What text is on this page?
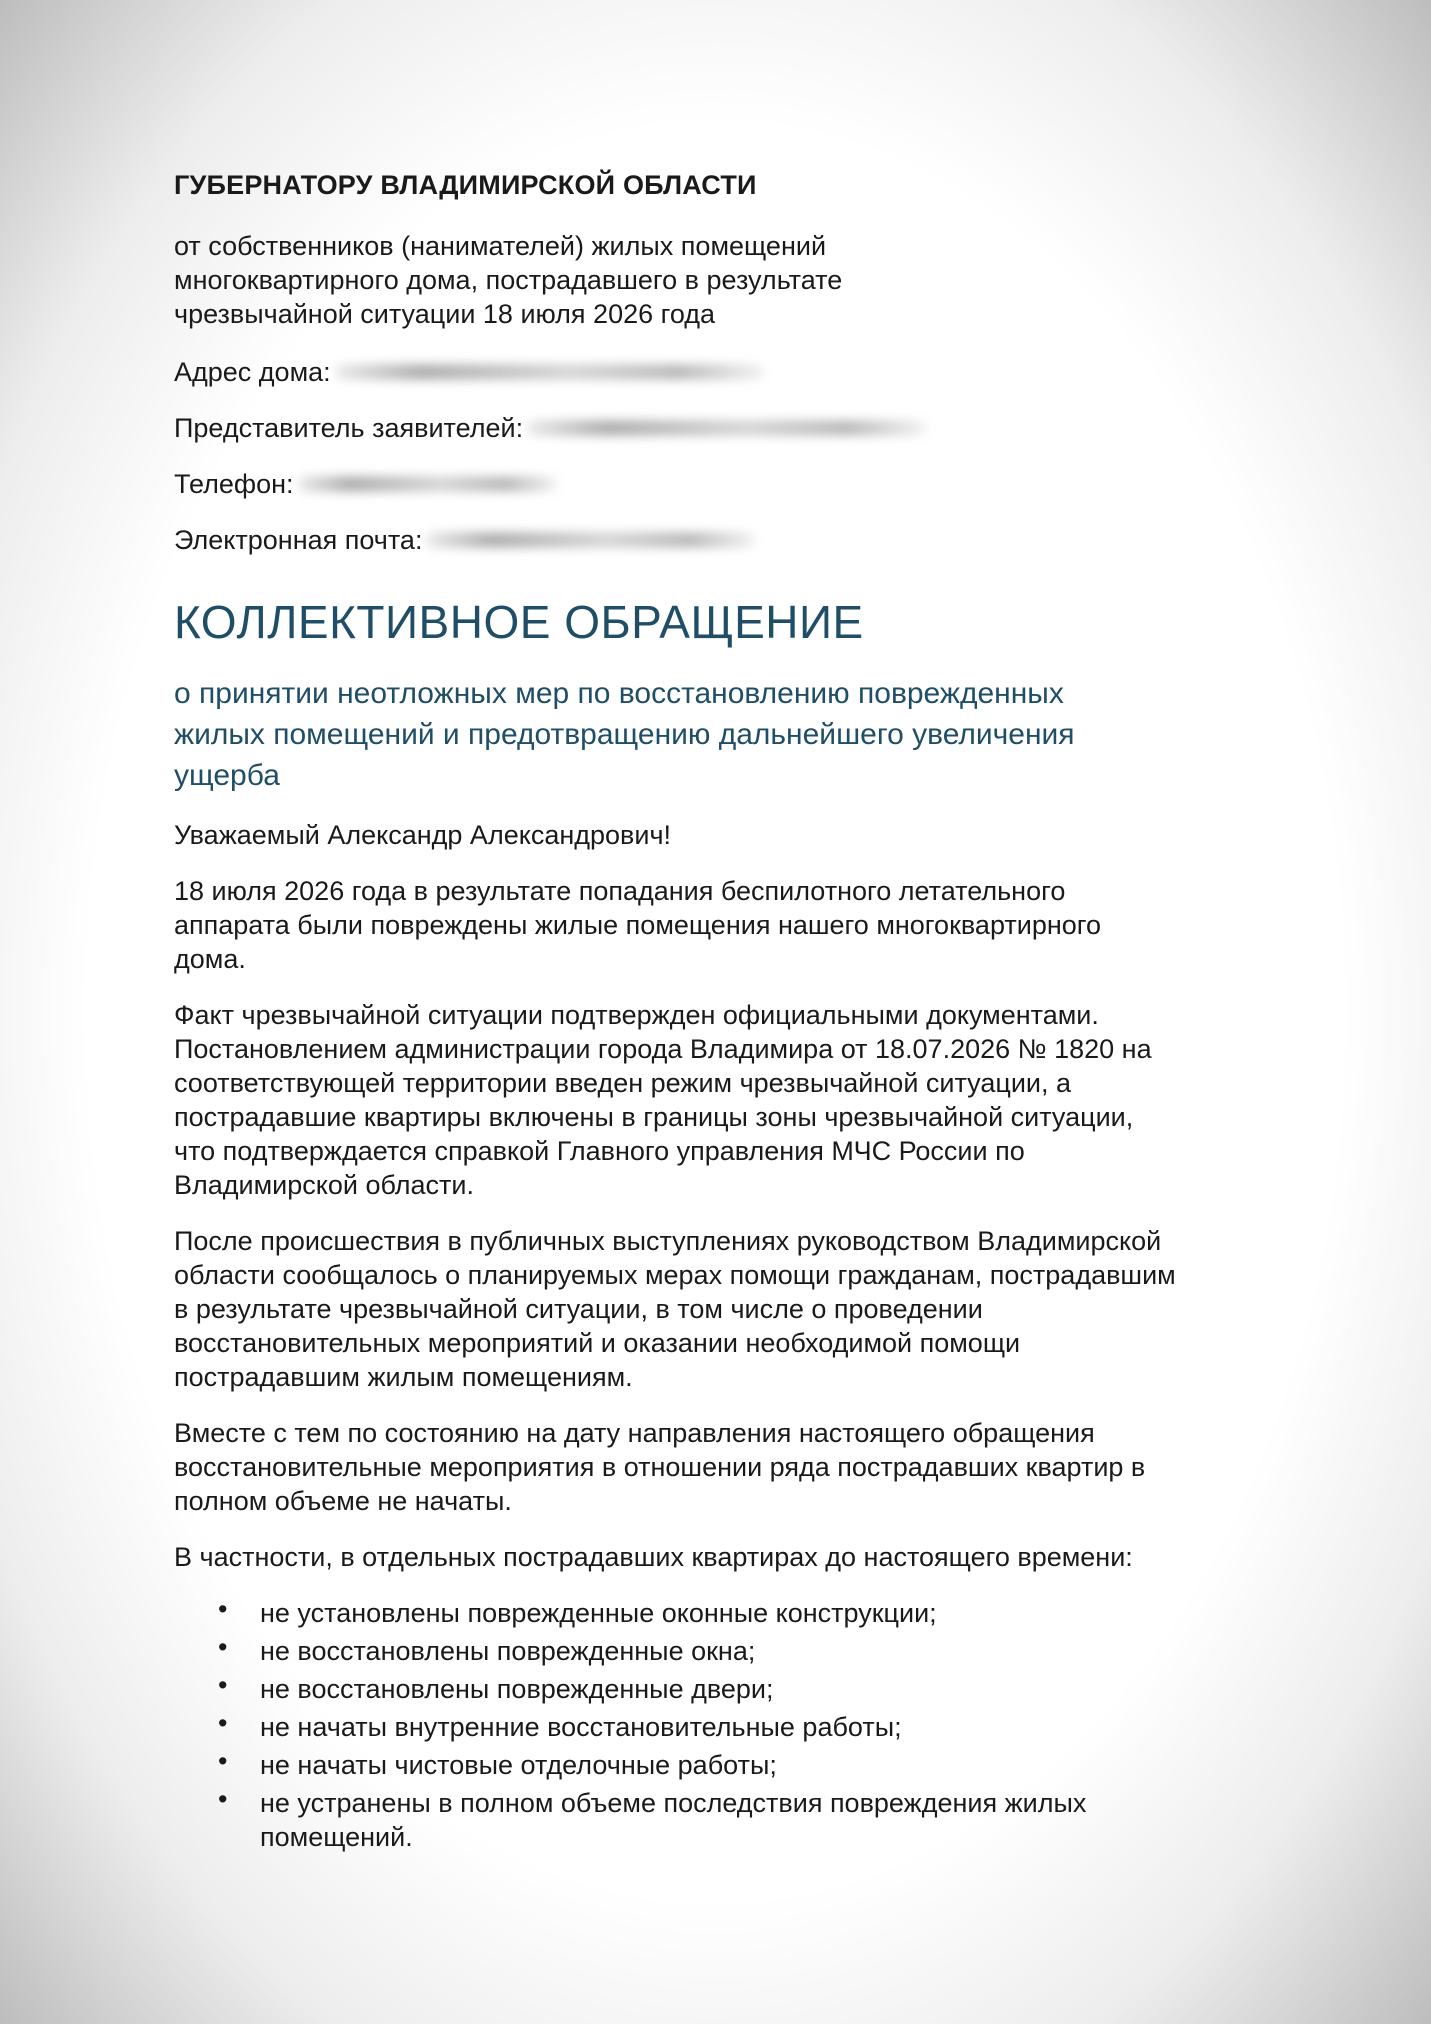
ГУБЕРНАТОРУ ВЛАДИМИРСКОЙ ОБЛАСТИ
от собственников (нанимателей) жилых помещений
многоквартирного дома, пострадавшего в результате
чрезвычайной ситуации 18 июля 2026 года
Адрес дома:
Представитель заявителей:
Телефон:
Электронная почта:
КОЛЛЕКТИВНОЕ ОБРАЩЕНИЕ
о принятии неотложных мер по восстановлению поврежденных
жилых помещений и предотвращению дальнейшего увеличения
ущерба
Уважаемый Александр Александрович!
18 июля 2026 года в результате попадания беспилотного летательного
аппарата были повреждены жилые помещения нашего многоквартирного
дома.
Факт чрезвычайной ситуации подтвержден официальными документами.
Постановлением администрации города Владимира от 18.07.2026 № 1820 на
соответствующей территории введен режим чрезвычайной ситуации, а
пострадавшие квартиры включены в границы зоны чрезвычайной ситуации,
что подтверждается справкой Главного управления МЧС России по
Владимирской области.
После происшествия в публичных выступлениях руководством Владимирской
области сообщалось о планируемых мерах помощи гражданам, пострадавшим
в результате чрезвычайной ситуации, в том числе о проведении
восстановительных мероприятий и оказании необходимой помощи
пострадавшим жилым помещениям.
Вместе с тем по состоянию на дату направления настоящего обращения
восстановительные мероприятия в отношении ряда пострадавших квартир в
полном объеме не начаты.
В частности, в отдельных пострадавших квартирах до настоящего времени:
• не установлены поврежденные оконные конструкции;
• не восстановлены поврежденные окна;
• не восстановлены поврежденные двери;
• не начаты внутренние восстановительные работы;
• не начаты чистовые отделочные работы;
• не устранены в полном объеме последствия повреждения жилых
помещений.
